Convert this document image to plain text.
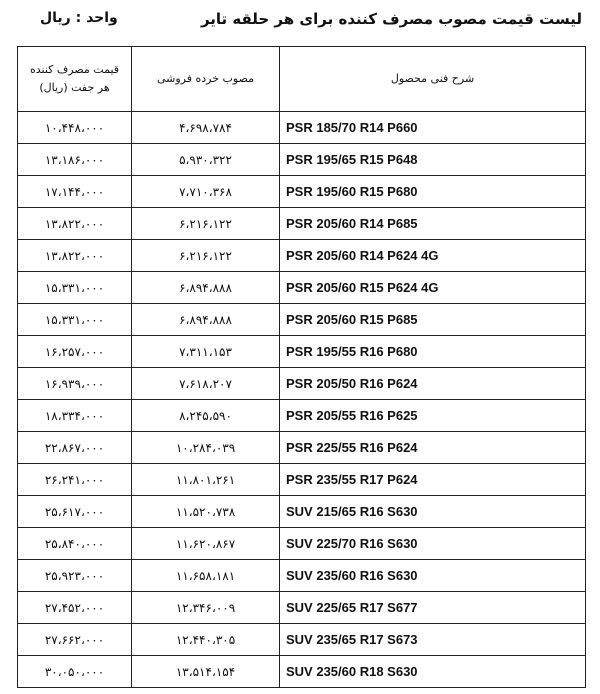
لیست قیمت مصوب مصرف کننده برای هر حلقه تایر
واحد : ریال
قیمت مصرف کننده
هر جفت (ریال)	مصوب خرده فروشی	شرح فنی محصول
۱۰،۴۴۸،۰۰۰	۴،۶۹۸،۷۸۴	PSR 185/70 R14 P660
۱۳،۱۸۶،۰۰۰	۵،۹۳۰،۳۲۲	PSR 195/65 R15 P648
۱۷،۱۴۴،۰۰۰	۷،۷۱۰،۳۶۸	PSR 195/60 R15 P680
۱۳،۸۲۲،۰۰۰	۶،۲۱۶،۱۲۲	PSR 205/60 R14 P685
۱۳،۸۲۲،۰۰۰	۶،۲۱۶،۱۲۲	PSR 205/60 R14 P624 4G
۱۵،۳۳۱،۰۰۰	۶،۸۹۴،۸۸۸	PSR 205/60 R15 P624 4G
۱۵،۳۳۱،۰۰۰	۶،۸۹۴،۸۸۸	PSR 205/60 R15 P685
۱۶،۲۵۷،۰۰۰	۷،۳۱۱،۱۵۳	PSR 195/55 R16 P680
۱۶،۹۳۹،۰۰۰	۷،۶۱۸،۲۰۷	PSR 205/50 R16 P624
۱۸،۳۳۴،۰۰۰	۸،۲۴۵،۵۹۰	PSR 205/55 R16 P625
۲۲،۸۶۷،۰۰۰	۱۰،۲۸۴،۰۳۹	PSR 225/55 R16 P624
۲۶،۲۴۱،۰۰۰	۱۱،۸۰۱،۲۶۱	PSR 235/55 R17 P624
۲۵،۶۱۷،۰۰۰	۱۱،۵۲۰،۷۳۸	SUV 215/65 R16 S630
۲۵،۸۴۰،۰۰۰	۱۱،۶۲۰،۸۶۷	SUV 225/70 R16 S630
۲۵،۹۲۳،۰۰۰	۱۱،۶۵۸،۱۸۱	SUV 235/60 R16 S630
۲۷،۴۵۲،۰۰۰	۱۲،۳۴۶،۰۰۹	SUV 225/65 R17 S677
۲۷،۶۶۲،۰۰۰	۱۲،۴۴۰،۳۰۵	SUV 235/65 R17 S673
۳۰،۰۵۰،۰۰۰	۱۳،۵۱۴،۱۵۴	SUV 235/60 R18 S630
